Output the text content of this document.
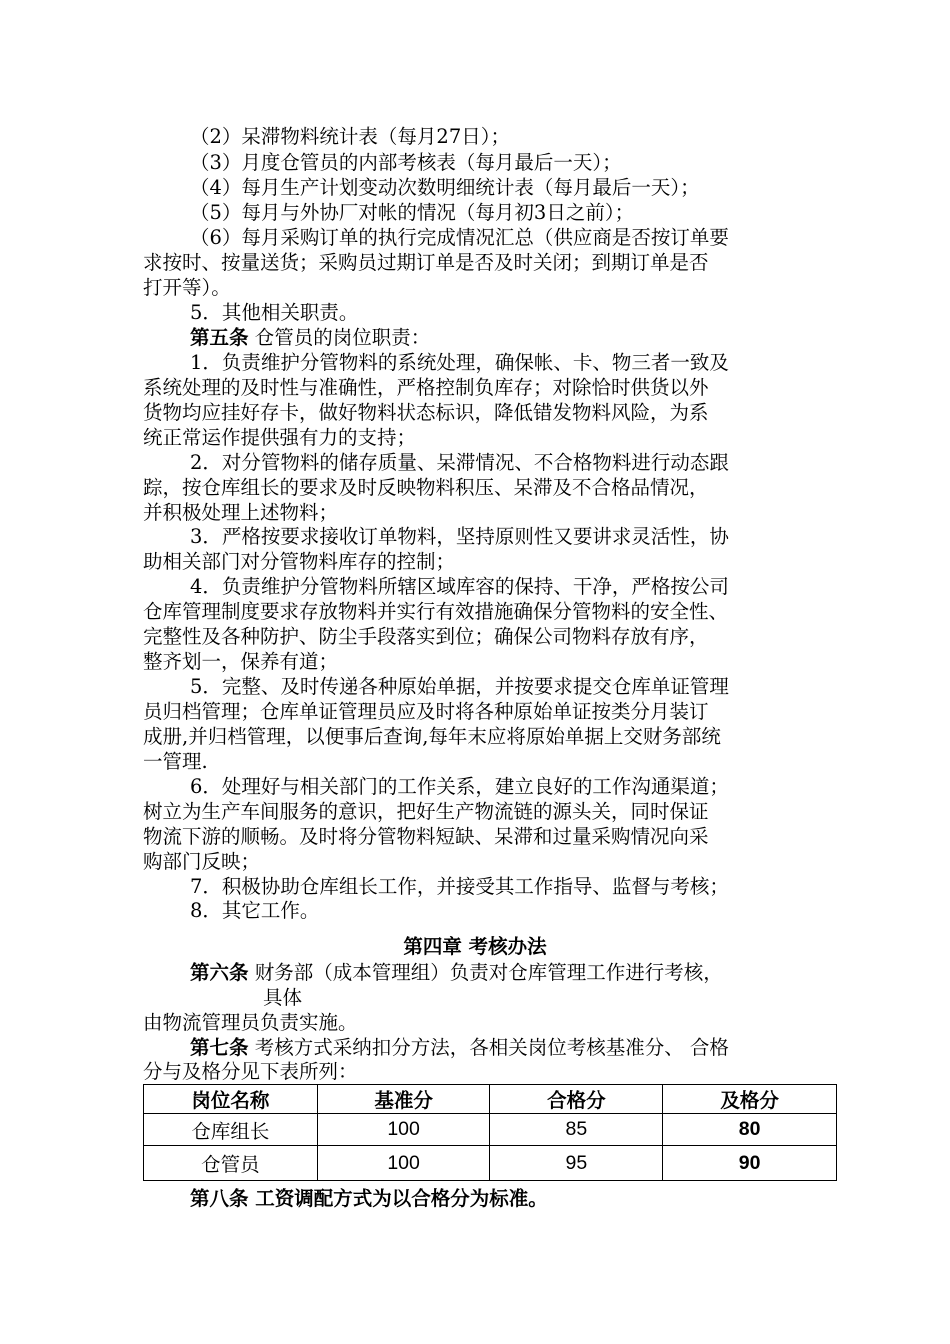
（2）呆滞物料统计表（每月27日）；
（3）月度仓管员的内部考核表（每月最后一天）；
（4）每月生产计划变动次数明细统计表（每月最后一天）；
（5）每月与外协厂对帐的情况（每月初3日之前）；
（6）每月采购订单的执行完成情况汇总（供应商是否按订单要
求按时、按量送货；采购员过期订单是否及时关闭；到期订单是否
打开等）。
5．其他相关职责。
第五条 仓管员的岗位职责：
1．负责维护分管物料的系统处理，确保帐、卡、物三者一致及
系统处理的及时性与准确性，严格控制负库存；对除恰时供货以外
货物均应挂好存卡，做好物料状态标识，降低错发物料风险，为系
统正常运作提供强有力的支持；
2．对分管物料的储存质量、呆滞情况、不合格物料进行动态跟
踪，按仓库组长的要求及时反映物料积压、呆滞及不合格品情况，
并积极处理上述物料；
3．严格按要求接收订单物料，坚持原则性又要讲求灵活性，协
助相关部门对分管物料库存的控制；
4．负责维护分管物料所辖区域库容的保持、干净，严格按公司
仓库管理制度要求存放物料并实行有效措施确保分管物料的安全性、
完整性及各种防护、防尘手段落实到位；确保公司物料存放有序，
整齐划一，保养有道；
5．完整、及时传递各种原始单据，并按要求提交仓库单证管理
员归档管理；仓库单证管理员应及时将各种原始单证按类分月装订
成册,并归档管理，以便事后查询,每年末应将原始单据上交财务部统
一管理.
6．处理好与相关部门的工作关系，建立良好的工作沟通渠道；
树立为生产车间服务的意识，把好生产物流链的源头关，同时保证
物流下游的顺畅。及时将分管物料短缺、呆滞和过量采购情况向采
购部门反映；
7．积极协助仓库组长工作，并接受其工作指导、监督与考核；
8．其它工作。
第四章 考核办法
第六条 财务部（成本管理组）负责对仓库管理工作进行考核，
具体
由物流管理员负责实施。
第七条 考核方式采纳扣分方法，各相关岗位考核基准分、 合格
分与及格分见下表所列：
岗位名称	基准分	合格分	及格分
仓库组长	100	85	80
仓管员	100	95	90
第八条 工资调配方式为以合格分为标准。
